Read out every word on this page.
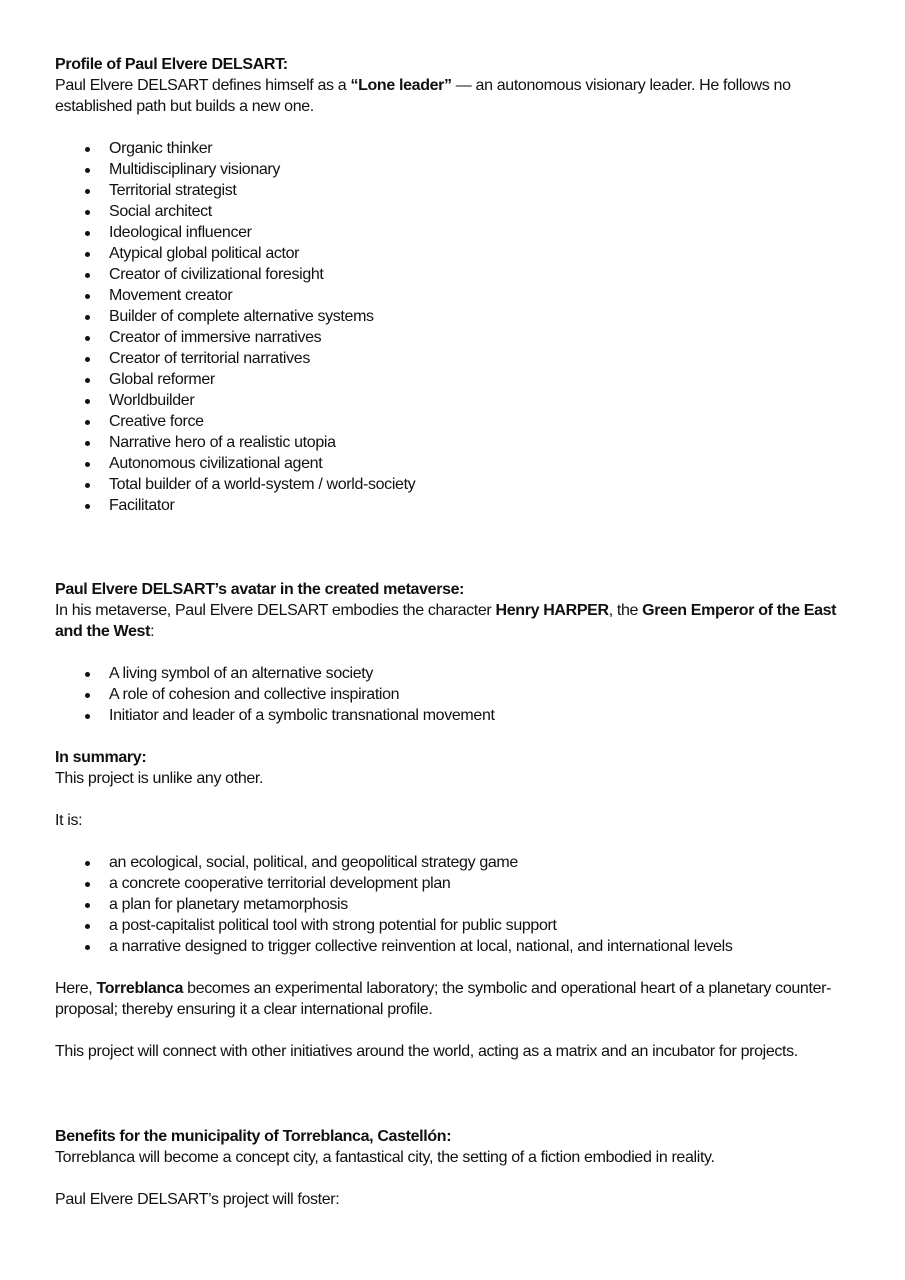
Profile of Paul Elvere DELSART:
Paul Elvere DELSART defines himself as a “Lone leader” — an autonomous visionary leader. He follows no
established path but builds a new one.
Organic thinker
Multidisciplinary visionary
Territorial strategist
Social architect
Ideological influencer
Atypical global political actor
Creator of civilizational foresight
Movement creator
Builder of complete alternative systems
Creator of immersive narratives
Creator of territorial narratives
Global reformer
Worldbuilder
Creative force
Narrative hero of a realistic utopia
Autonomous civilizational agent
Total builder of a world-system / world-society
Facilitator
Paul Elvere DELSART’s avatar in the created metaverse:
In his metaverse, Paul Elvere DELSART embodies the character Henry HARPER, the Green Emperor of the East
and the West:
A living symbol of an alternative society
A role of cohesion and collective inspiration
Initiator and leader of a symbolic transnational movement
In summary:
This project is unlike any other.
It is:
an ecological, social, political, and geopolitical strategy game
a concrete cooperative territorial development plan
a plan for planetary metamorphosis
a post-capitalist political tool with strong potential for public support
a narrative designed to trigger collective reinvention at local, national, and international levels
Here, Torreblanca becomes an experimental laboratory; the symbolic and operational heart of a planetary counter-
proposal; thereby ensuring it a clear international profile.
This project will connect with other initiatives around the world, acting as a matrix and an incubator for projects.
Benefits for the municipality of Torreblanca, Castellón:
Torreblanca will become a concept city, a fantastical city, the setting of a fiction embodied in reality.
Paul Elvere DELSART’s project will foster:
